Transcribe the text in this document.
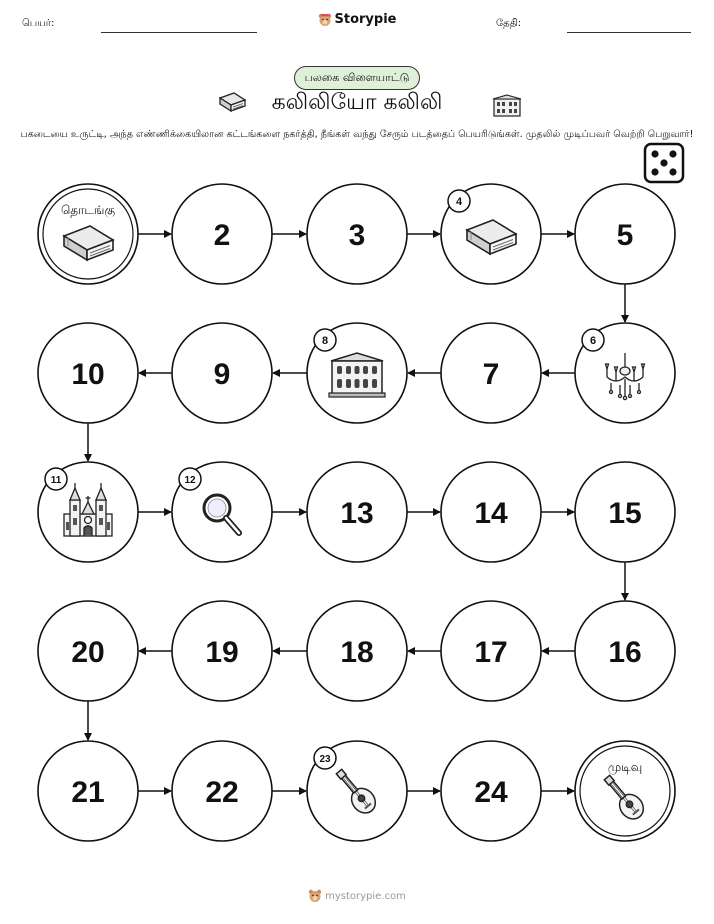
பெயர்:	Storypie	தேதி:
பலகை விளையாட்டு
கலிலியோ கலிலி
பகடையை உருட்டி, அந்த எண்ணிக்கையிலான கட்டங்களை நகர்த்தி, நீங்கள் வந்து சேரும் படத்தைப் பெயரிடுங்கள். முதலில் முடிப்பவர் வெற்றி பெறுவார்!
தொடங்கு
2	3
4
5
6
7
8
9
10
11	12
13	14	15
16
17
18
19
20
21	22
23
24
முடிவு
mystorypie.com
